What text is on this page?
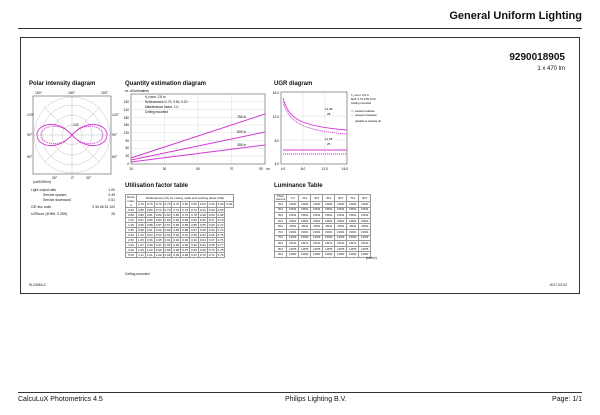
General Uniform Lighting
9290018905
1 x 470 lm
Polar intensity diagram
150°	180°	150°
120°
90°
60°
120°
90°
60°
30°	0°	30°
(cd/1000lm)
100
Light output ratio	1.00
Service upward	0.49
Service downward	0.51
CIE flux code	9 36 66 51 100
UGRcorr (4H8H, 0.25H)	26
Quantity estimation diagram
nr. of luminaires
h_room: 2.8 m
Reflectances: 0.70, 0.50, 0.20
Maintenance factor: 1.0
Ceiling mounted
750 lx
500 lx
300 lx
240
210
180
150
120
90
60
30
0
10	30	50	70	90 m²
UGR diagram
16.0
12.0
8.0
4.0
4.0	8.0	12.0	16.0
11.28
28
11.25
25
h_room: 2.8 m
Refl: 0.70 0.50 0.20
Ceiling mounted
viewed endwise
viewed crosswise
parallel to viewing dir.
Utilisation factor table
Room index k	Reflectances (%) for ceiling, walls and working plane (CIE)										
	0.70	0.70	0.70	0.70	0.70	0.50	0.50	0.50	0.30	0.30	0.30
0.60	0.80	0.80	0.74	0.73	0.74	0.73	0.72	0.43	0.50	0.65	
0.80	0.86	0.81	0.80	0.80	0.80	0.79	0.78	0.48	0.54	0.68	
1.00	0.91	0.85	0.84	0.83	0.84	0.83	0.82	0.52	0.57	0.70	
1.25	0.95	0.88	0.87	0.87	0.86	0.86	0.85	0.55	0.60	0.72	
1.50	0.98	0.91	0.90	0.89	0.89	0.88	0.87	0.58	0.62	0.73	
2.00	1.02	0.94	0.93	0.92	0.92	0.91	0.90	0.62	0.65	0.75	
2.50	1.05	0.96	0.95	0.94	0.94	0.93	0.92	0.64	0.67	0.76	
3.00	1.07	0.98	0.97	0.96	0.96	0.95	0.94	0.66	0.68	0.77	
4.00	1.09	1.00	0.99	0.98	0.98	0.97	0.96	0.68	0.70	0.78	
5.00	1.11	1.01	1.00	0.99	0.99	0.98	0.97	0.70	0.71	0.79	
Ceiling mounted
Luminance Table
Plane Gamma	0.0	15.0	30.0	45.0	60.0	75.0	90.0
45.0	15690	15690	15690	15690	15690	15690	15690
50.0	15814	15814	15814	15814	15814	15814	15814
55.0	15814	15814	15814	15814	15814	15814	15814
60.0	15822	15822	15822	15822	15822	15822	15822
65.0	15611	15611	15611	15611	15611	15611	15611
70.0	15361	15361	15361	15361	15361	15361	15361
75.0	15093	15093	15093	15093	15093	15093	15093
80.0	15672	15672	15672	15672	15672	15672	15672
85.0	14875	14875	14875	14875	14875	14875	14875
90.0	16992	16992	16992	16992	16992	16992	16992
(cd/m²)
SL24964-2	2017-03-02
CalcuLuX Photometrics 4.5	Philips Lighting B.V.	Page: 1/1
